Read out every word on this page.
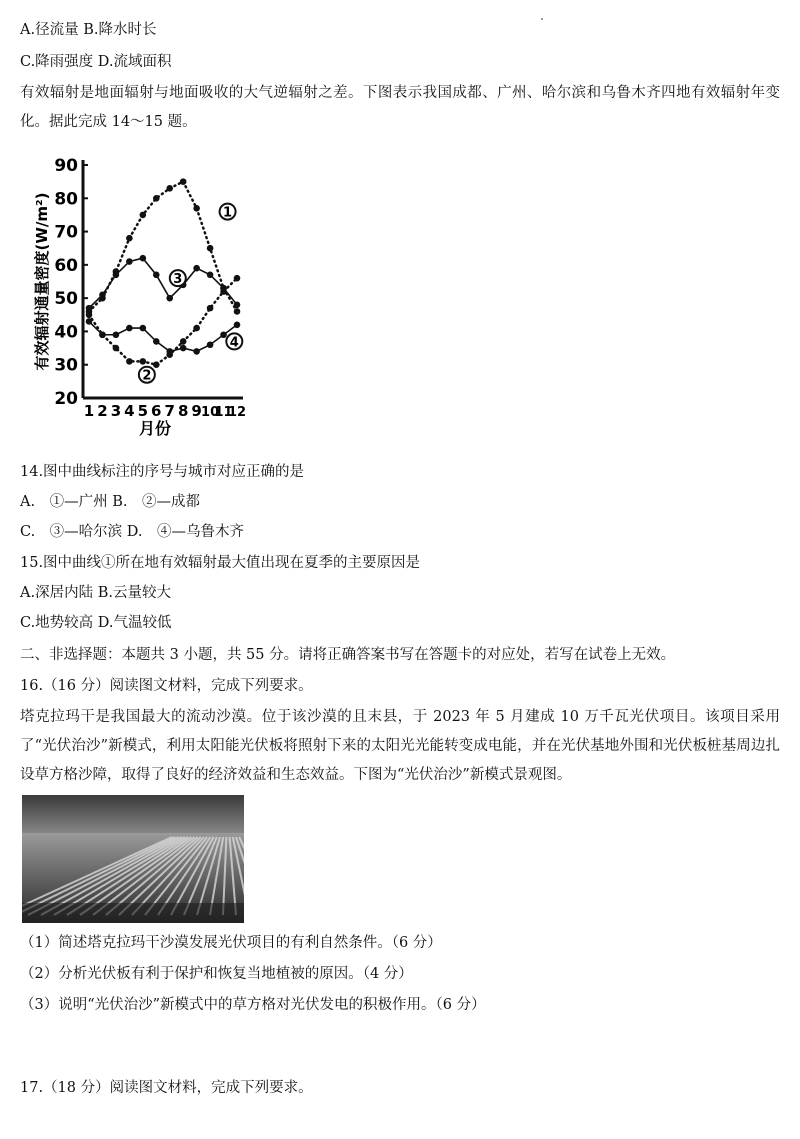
A.径流量 B.降水时长
C.降雨强度 D.流域面积
有效辐射是地面辐射与地面吸收的大气逆辐射之差。下图表示我国成都、广州、哈尔滨和乌鲁木齐四地有效辐射年变化。据此完成 14～15 题。
20
30
40
50
60
70
80
90
1 2 3 4 5 6 7 8 9 10
11
12
月份
有效辐射通量密度(W/m²)	1
2
3
4
14.图中曲线标注的序号与城市对应正确的是
A.　①—广州 B.　②—成都
C.　③—哈尔滨 D.　④—乌鲁木齐
15.图中曲线①所在地有效辐射最大值出现在夏季的主要原因是
A.深居内陆 B.云量较大
C.地势较高 D.气温较低
二、非选择题：本题共 3 小题，共 55 分。请将正确答案书写在答题卡的对应处，若写在试卷上无效。
16.（16 分）阅读图文材料，完成下列要求。
塔克拉玛干是我国最大的流动沙漠。位于该沙漠的且末县，于 2023 年 5 月建成 10 万千瓦光伏项目。该项目采用了“光伏治沙”新模式，利用太阳能光伏板将照射下来的太阳光光能转变成电能，并在光伏基地外围和光伏板桩基周边扎设草方格沙障，取得了良好的经济效益和生态效益。下图为“光伏治沙”新模式景观图。
（1）简述塔克拉玛干沙漠发展光伏项目的有利自然条件。（6 分）
（2）分析光伏板有利于保护和恢复当地植被的原因。（4 分）
（3）说明“光伏治沙”新模式中的草方格对光伏发电的积极作用。（6 分）
17.（18 分）阅读图文材料，完成下列要求。
